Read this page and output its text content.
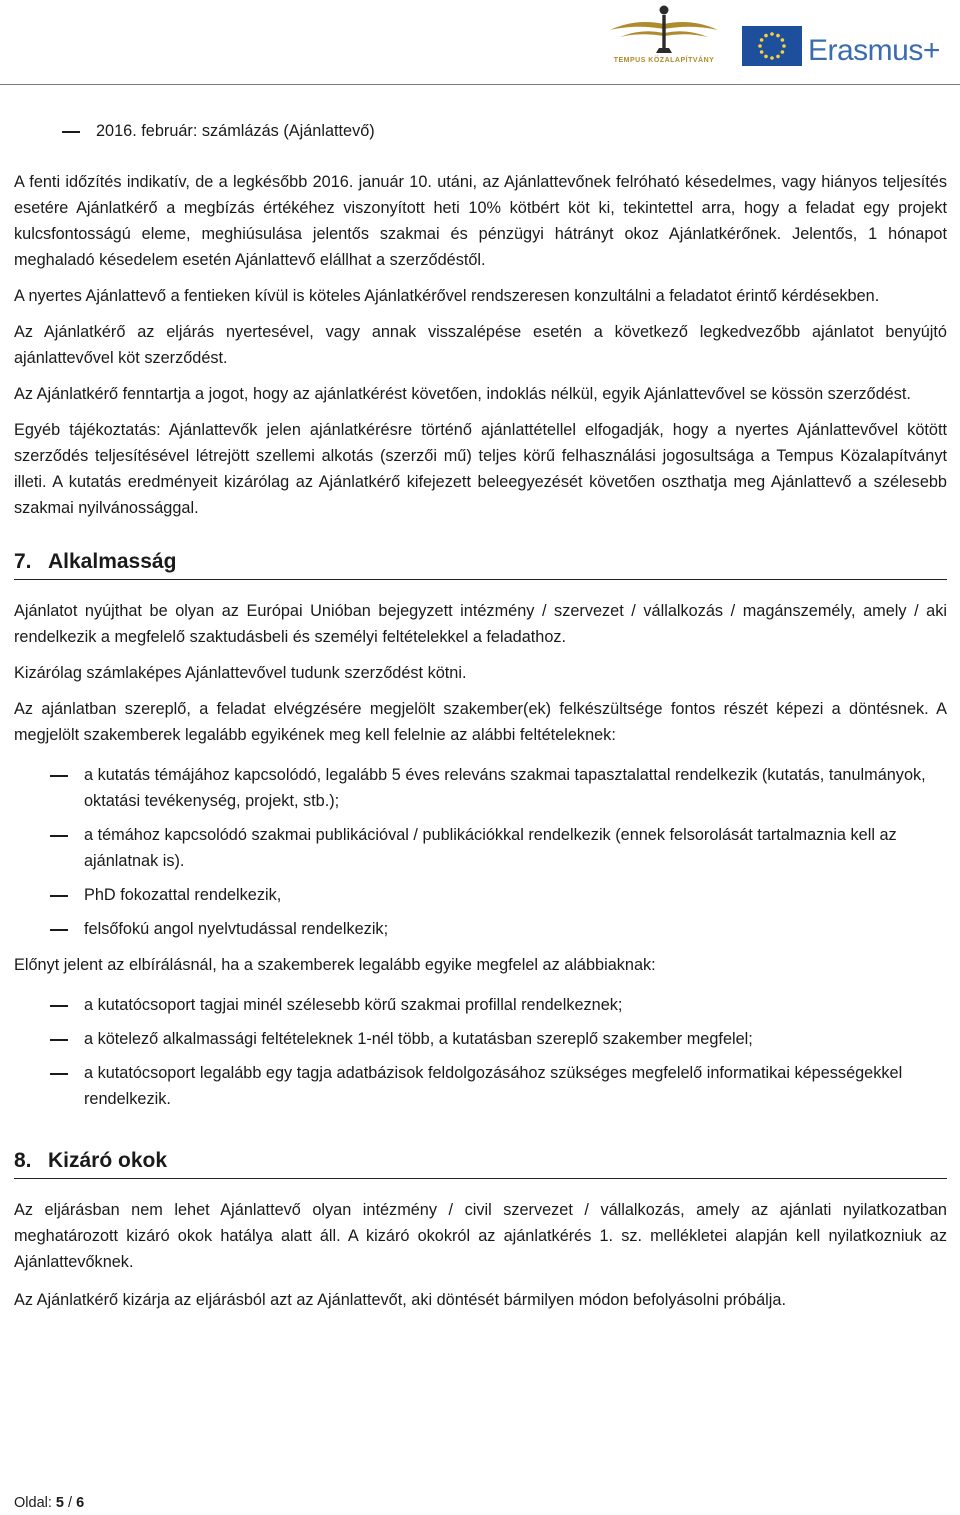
TEMPUS KÖZALAPÍTVÁNY	Erasmus+
2016. február: számlázás (Ajánlattevő)

A fenti időzítés indikatív, de a legkésőbb 2016. január 10. utáni, az Ajánlattevőnek felróható késedelmes, vagy hiányos teljesítés esetére Ajánlatkérő a megbízás értékéhez viszonyított heti 10% kötbért köt ki, tekintettel arra, hogy a feladat egy projekt kulcsfontosságú eleme, meghiúsulása jelentős szakmai és pénzügyi hátrányt okoz Ajánlatkérőnek. Jelentős, 1 hónapot meghaladó késedelem esetén Ajánlattevő elállhat a szerződéstől.

A nyertes Ajánlattevő a fentieken kívül is köteles Ajánlatkérővel rendszeresen konzultálni a feladatot érintő kérdésekben.

Az Ajánlatkérő az eljárás nyertesével, vagy annak visszalépése esetén a következő legkedvezőbb ajánlatot benyújtó ajánlattevővel köt szerződést.

Az Ajánlatkérő fenntartja a jogot, hogy az ajánlatkérést követően, indoklás nélkül, egyik Ajánlattevővel se kössön szerződést.

Egyéb tájékoztatás: Ajánlattevők jelen ajánlatkérésre történő ajánlattétellel elfogadják, hogy a nyertes Ajánlattevővel kötött szerződés teljesítésével létrejött szellemi alkotás (szerzői mű) teljes körű felhasználási jogosultsága a Tempus Közalapítványt illeti. A kutatás eredményeit kizárólag az Ajánlatkérő kifejezett beleegyezését követően oszthatja meg Ajánlattevő a szélesebb szakmai nyilvánossággal.

7. Alkalmasság

Ajánlatot nyújthat be olyan az Európai Unióban bejegyzett intézmény / szervezet / vállalkozás / magánszemély, amely / aki rendelkezik a megfelelő szaktudásbeli és személyi feltételekkel a feladathoz.

Kizárólag számlaképes Ajánlattevővel tudunk szerződést kötni.

Az ajánlatban szereplő, a feladat elvégzésére megjelölt szakember(ek) felkészültsége fontos részét képezi a döntésnek. A megjelölt szakemberek legalább egyikének meg kell felelnie az alábbi feltételeknek:

a kutatás témájához kapcsolódó, legalább 5 éves releváns szakmai tapasztalattal rendelkezik (kutatás, tanulmányok, oktatási tevékenység, projekt, stb.);
a témához kapcsolódó szakmai publikációval / publikációkkal rendelkezik (ennek felsorolását tartalmaznia kell az ajánlatnak is).
PhD fokozattal rendelkezik,
felsőfokú angol nyelvtudással rendelkezik;

Előnyt jelent az elbírálásnál, ha a szakemberek legalább egyike megfelel az alábbiaknak:

a kutatócsoport tagjai minél szélesebb körű szakmai profillal rendelkeznek;
a kötelező alkalmassági feltételeknek 1-nél több, a kutatásban szereplő szakember megfelel;
a kutatócsoport legalább egy tagja adatbázisok feldolgozásához szükséges megfelelő informatikai képességekkel rendelkezik.
8. Kizáró okok

Az eljárásban nem lehet Ajánlattevő olyan intézmény / civil szervezet / vállalkozás, amely az ajánlati nyilatkozatban meghatározott kizáró okok hatálya alatt áll. A kizáró okokról az ajánlatkérés 1. sz. mellékletei alapján kell nyilatkozniuk az Ajánlattevőknek.

Az Ajánlatkérő kizárja az eljárásból azt az Ajánlattevőt, aki döntését bármilyen módon befolyásolni próbálja.

Oldal: 5 / 6
